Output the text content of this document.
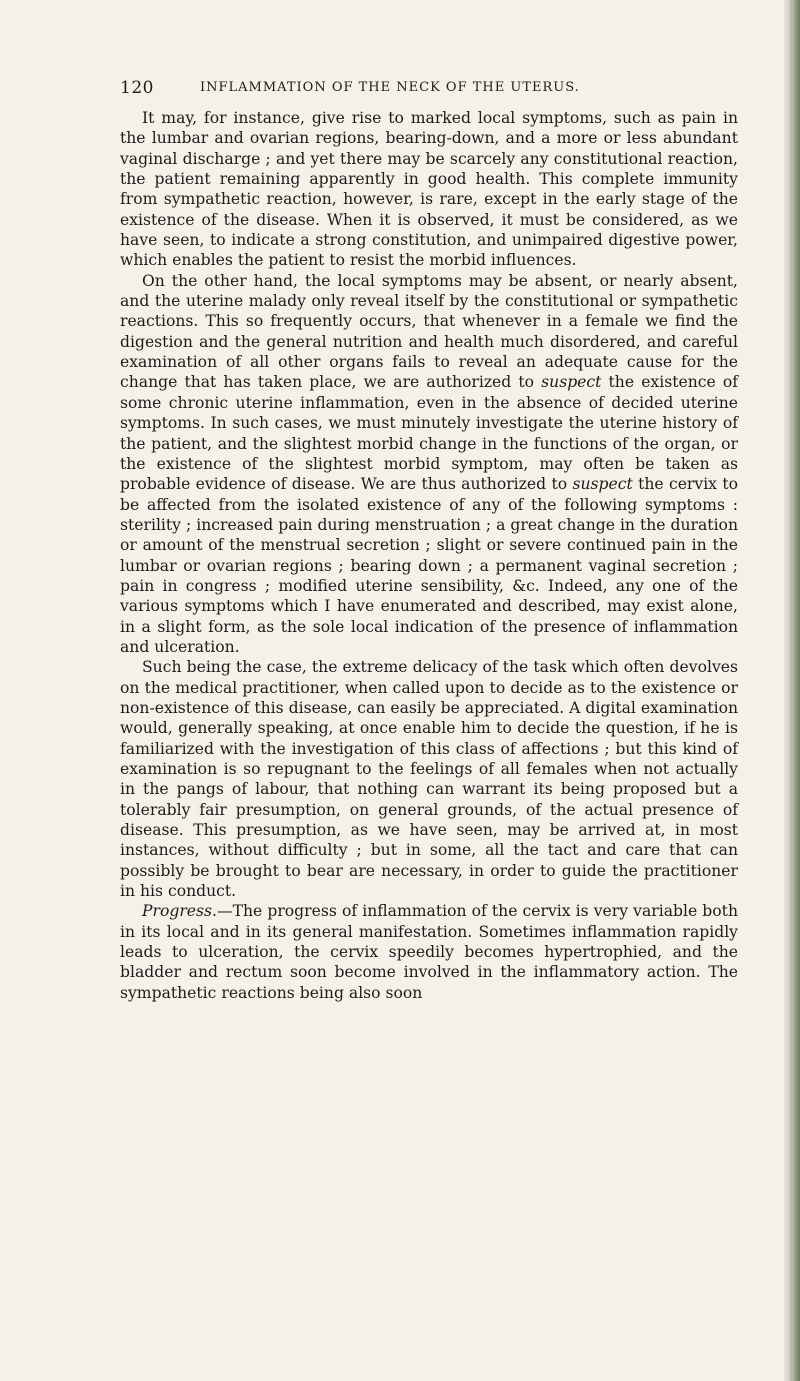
120	INFLAMMATION OF THE NECK OF THE UTERUS.

It may, for instance, give rise to marked local symptoms, such as pain in the lumbar and ovarian regions, bearing-down, and a more or less abundant vaginal discharge ; and yet there may be scarcely any constitutional reaction, the patient remaining apparently in good health. This complete immunity from sympathetic reaction, however, is rare, except in the early stage of the existence of the disease. When it is observed, it must be considered, as we have seen, to indicate a strong constitution, and unimpaired digestive power, which enables the patient to resist the morbid influences.

On the other hand, the local symptoms may be absent, or nearly absent, and the uterine malady only reveal itself by the constitutional or sympathetic reactions. This so frequently occurs, that whenever in a female we find the digestion and the general nutrition and health much disordered, and careful examination of all other organs fails to reveal an adequate cause for the change that has taken place, we are authorized to suspect the existence of some chronic uterine inflammation, even in the absence of decided uterine symptoms. In such cases, we must minutely investigate the uterine history of the patient, and the slightest morbid change in the functions of the organ, or the existence of the slightest morbid symptom, may often be taken as probable evidence of disease. We are thus authorized to suspect the cervix to be affected from the isolated existence of any of the following symptoms : sterility ; increased pain during menstruation ; a great change in the duration or amount of the menstrual secretion ; slight or severe continued pain in the lumbar or ovarian regions ; bearing down ; a permanent vaginal secretion ; pain in congress ; modified uterine sensibility, &c. Indeed, any one of the various symptoms which I have enumerated and described, may exist alone, in a slight form, as the sole local indication of the presence of inflammation and ulceration.

Such being the case, the extreme delicacy of the task which often devolves on the medical practitioner, when called upon to decide as to the existence or non-existence of this disease, can easily be appreciated. A digital examination would, generally speaking, at once enable him to decide the question, if he is familiarized with the investigation of this class of affections ; but this kind of examination is so repugnant to the feelings of all females when not actually in the pangs of labour, that nothing can warrant its being proposed but a tolerably fair presumption, on general grounds, of the actual presence of disease. This presumption, as we have seen, may be arrived at, in most instances, without difficulty ; but in some, all the tact and care that can possibly be brought to bear are necessary, in order to guide the practitioner in his conduct.

Progress.—The progress of inflammation of the cervix is very variable both in its local and in its general manifestation. Sometimes inflammation rapidly leads to ulceration, the cervix speedily becomes hypertrophied, and the bladder and rectum soon become involved in the inflammatory action. The sympathetic reactions being also soon
